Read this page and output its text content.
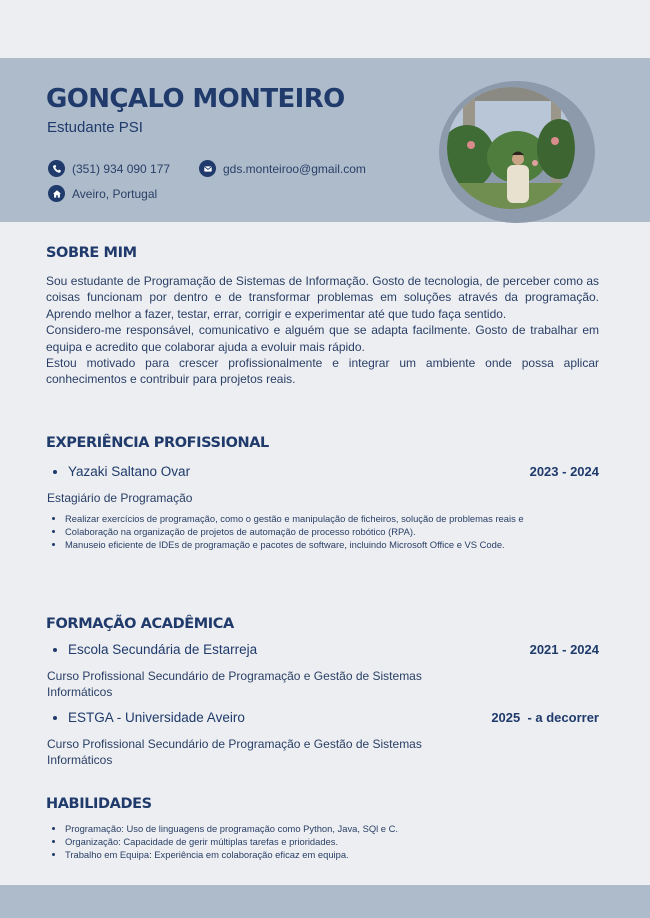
GONÇALO MONTEIRO
Estudante PSI
(351) 934 090 177	gds.monteiroo@gmail.com
Aveiro, Portugal
SOBRE MIM

Sou estudante de Programação de Sistemas de Informação. Gosto de tecnologia, de perceber como as coisas funcionam por dentro e de transformar problemas em soluções através da programação. Aprendo melhor a fazer, testar, errar, corrigir e experimentar até que tudo faça sentido.

Considero-me responsável, comunicativo e alguém que se adapta facilmente. Gosto de trabalhar em equipa e acredito que colaborar ajuda a evoluir mais rápido.

Estou motivado para crescer profissionalmente e integrar um ambiente onde possa aplicar conhecimentos e contribuir para projetos reais.

EXPERIÊNCIA PROFISSIONAL
Yazaki Saltano Ovar	2023 - 2024
Estagiário de Programação
Realizar exercícios de programação, como o gestão e manipulação de ficheiros, solução de problemas reais e
Colaboração na organização de projetos de automação de processo robótico (RPA).
Manuseio eficiente de IDEs de programação e pacotes de software, incluindo Microsoft Office e VS Code.
FORMAÇÃO ACADÊMICA
Escola Secundária de Estarreja	2021 - 2024
Curso Profissional Secundário de Programação e Gestão de Sistemas Informáticos
ESTGA - Universidade Aveiro	2025  - a decorrer
Curso Profissional Secundário de Programação e Gestão de Sistemas Informáticos
HABILIDADES
Programação: Uso de linguagens de programação como Python, Java, SQl e C.
Organização: Capacidade de gerir múltiplas tarefas e prioridades.
Trabalho em Equipa: Experiência em colaboração eficaz em equipa.
